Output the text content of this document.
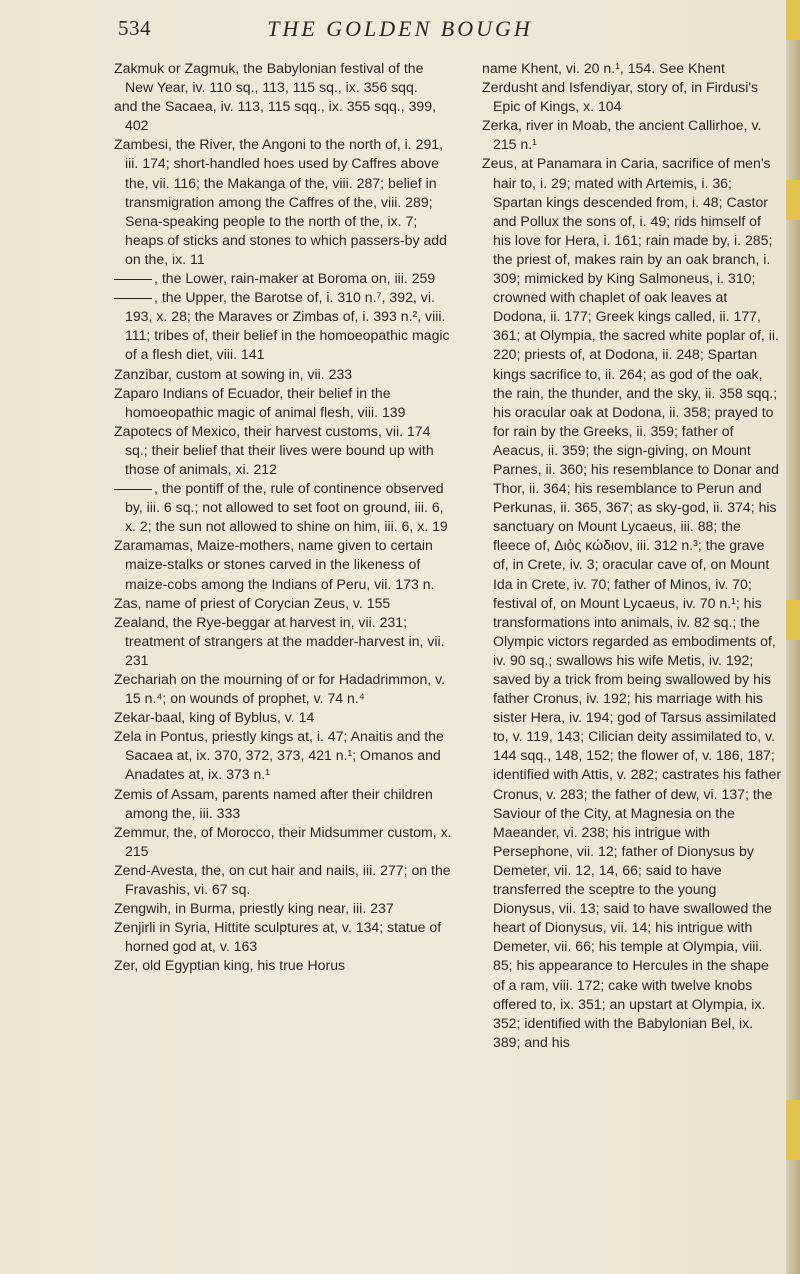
534	THE GOLDEN BOUGH
Zakmuk or Zagmuk, the Babylonian festival of the New Year, iv. 110 sq., 113, 115 sq., ix. 356 sqq.
and the Sacaea, iv. 113, 115 sqq., ix. 355 sqq., 399, 402
Zambesi, the River, the Angoni to the north of, i. 291, iii. 174; short-handled hoes used by Caffres above the, vii. 116; the Makanga of the, viii. 287; belief in transmigration among the Caffres of the, viii. 289; Sena-speaking people to the north of the, ix. 7; heaps of sticks and stones to which passers-by add on the, ix. 11
, the Lower, rain-maker at Boroma on, iii. 259
, the Upper, the Barotse of, i. 310 n.⁷, 392, vi. 193, x. 28; the Maraves or Zimbas of, i. 393 n.², viii. 111; tribes of, their belief in the homoeopathic magic of a flesh diet, viii. 141
Zanzibar, custom at sowing in, vii. 233
Zaparo Indians of Ecuador, their belief in the homoeopathic magic of animal flesh, viii. 139
Zapotecs of Mexico, their harvest customs, vii. 174 sq.; their belief that their lives were bound up with those of animals, xi. 212
, the pontiff of the, rule of continence observed by, iii. 6 sq.; not allowed to set foot on ground, iii. 6, x. 2; the sun not allowed to shine on him, iii. 6, x. 19
Zaramamas, Maize-mothers, name given to certain maize-stalks or stones carved in the likeness of maize-cobs among the Indians of Peru, vii. 173 n.
Zas, name of priest of Corycian Zeus, v. 155
Zealand, the Rye-beggar at harvest in, vii. 231; treatment of strangers at the madder-harvest in, vii. 231
Zechariah on the mourning of or for Hadadrimmon, v. 15 n.⁴; on wounds of prophet, v. 74 n.⁴
Zekar-baal, king of Byblus, v. 14
Zela in Pontus, priestly kings at, i. 47; Anaitis and the Sacaea at, ix. 370, 372, 373, 421 n.¹; Omanos and Anadates at, ix. 373 n.¹
Zemis of Assam, parents named after their children among the, iii. 333
Zemmur, the, of Morocco, their Midsummer custom, x. 215
Zend-Avesta, the, on cut hair and nails, iii. 277; on the Fravashis, vi. 67 sq.
Zengwih, in Burma, priestly king near, iii. 237
Zenjirli in Syria, Hittite sculptures at, v. 134; statue of horned god at, v. 163
Zer, old Egyptian king, his true Horus
name Khent, vi. 20 n.¹, 154. See Khent
Zerdusht and Isfendiyar, story of, in Firdusi's Epic of Kings, x. 104
Zerka, river in Moab, the ancient Callirhoe, v. 215 n.¹
Zeus, at Panamara in Caria, sacrifice of men's hair to, i. 29; mated with Artemis, i. 36; Spartan kings descended from, i. 48; Castor and Pollux the sons of, i. 49; rids himself of his love for Hera, i. 161; rain made by, i. 285; the priest of, makes rain by an oak branch, i. 309; mimicked by King Salmoneus, i. 310; crowned with chaplet of oak leaves at Dodona, ii. 177; Greek kings called, ii. 177, 361; at Olympia, the sacred white poplar of, ii. 220; priests of, at Dodona, ii. 248; Spartan kings sacrifice to, ii. 264; as god of the oak, the rain, the thunder, and the sky, ii. 358 sqq.; his oracular oak at Dodona, ii. 358; prayed to for rain by the Greeks, ii. 359; father of Aeacus, ii. 359; the sign-giving, on Mount Parnes, ii. 360; his resemblance to Donar and Thor, ii. 364; his resemblance to Perun and Perkunas, ii. 365, 367; as sky-god, ii. 374; his sanctuary on Mount Lycaeus, iii. 88; the fleece of, Διὸς κώδιον, iii. 312 n.³; the grave of, in Crete, iv. 3; oracular cave of, on Mount Ida in Crete, iv. 70; father of Minos, iv. 70; festival of, on Mount Lycaeus, iv. 70 n.¹; his transformations into animals, iv. 82 sq.; the Olympic victors regarded as embodiments of, iv. 90 sq.; swallows his wife Metis, iv. 192; saved by a trick from being swallowed by his father Cronus, iv. 192; his marriage with his sister Hera, iv. 194; god of Tarsus assimilated to, v. 119, 143; Cilician deity assimilated to, v. 144 sqq., 148, 152; the flower of, v. 186, 187; identified with Attis, v. 282; castrates his father Cronus, v. 283; the father of dew, vi. 137; the Saviour of the City, at Magnesia on the Maeander, vi. 238; his intrigue with Persephone, vii. 12; father of Dionysus by Demeter, vii. 12, 14, 66; said to have transferred the sceptre to the young Dionysus, vii. 13; said to have swallowed the heart of Dionysus, vii. 14; his intrigue with Demeter, vii. 66; his temple at Olympia, viii. 85; his appearance to Hercules in the shape of a ram, viii. 172; cake with twelve knobs offered to, ix. 351; an upstart at Olympia, ix. 352; identified with the Babylonian Bel, ix. 389; and his
